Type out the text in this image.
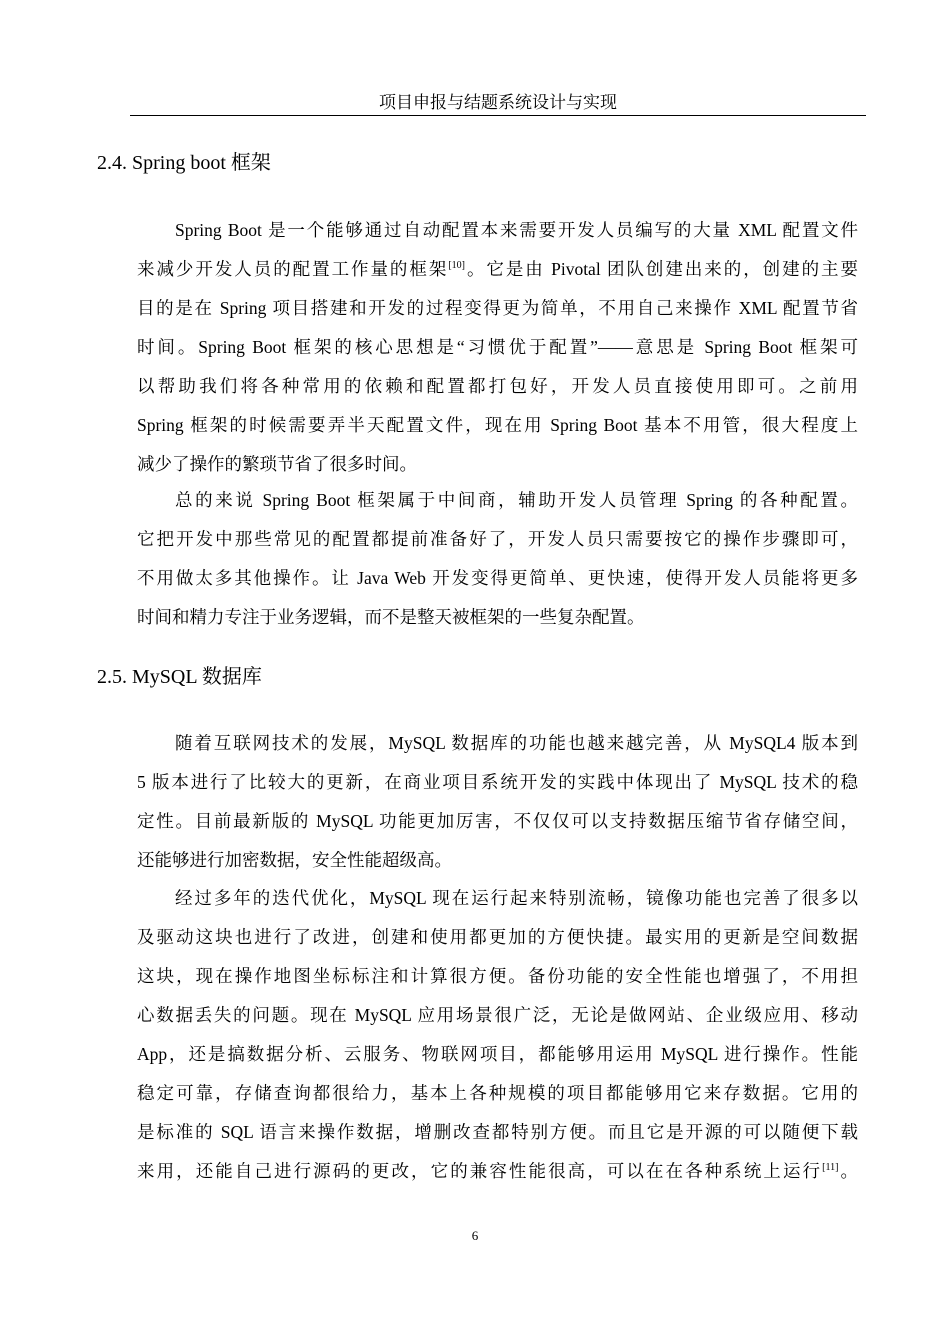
项目申报与结题系统设计与实现
2.4. Spring boot 框架
Spring Boot 是一个能够通过自动配置本来需要开发人员编写的大量 XML 配置文件
来减少开发人员的配置工作量的框架[10]。它是由 Pivotal 团队创建出来的，创建的主要
目的是在 Spring 项目搭建和开发的过程变得更为简单，不用自己来操作 XML 配置节省
时间。Spring Boot 框架的核心思想是“习惯优于配置”——意思是 Spring Boot 框架可
以帮助我们将各种常用的依赖和配置都打包好，开发人员直接使用即可。之前用
Spring 框架的时候需要弄半天配置文件，现在用 Spring Boot 基本不用管，很大程度上
减少了操作的繁琐节省了很多时间。
总的来说 Spring Boot 框架属于中间商，辅助开发人员管理 Spring 的各种配置。
它把开发中那些常见的配置都提前准备好了，开发人员只需要按它的操作步骤即可，
不用做太多其他操作。让 Java Web 开发变得更简单、更快速，使得开发人员能将更多
时间和精力专注于业务逻辑，而不是整天被框架的一些复杂配置。
2.5. MySQL 数据库
随着互联网技术的发展，MySQL 数据库的功能也越来越完善，从 MySQL4 版本到
5 版本进行了比较大的更新，在商业项目系统开发的实践中体现出了 MySQL 技术的稳
定性。目前最新版的 MySQL 功能更加厉害，不仅仅可以支持数据压缩节省存储空间，
还能够进行加密数据，安全性能超级高。
经过多年的迭代优化，MySQL 现在运行起来特别流畅，镜像功能也完善了很多以
及驱动这块也进行了改进，创建和使用都更加的方便快捷。最实用的更新是空间数据
这块，现在操作地图坐标标注和计算很方便。备份功能的安全性能也增强了，不用担
心数据丢失的问题。现在 MySQL 应用场景很广泛，无论是做网站、企业级应用、移动
App，还是搞数据分析、云服务、物联网项目，都能够用运用 MySQL 进行操作。性能
稳定可靠，存储查询都很给力，基本上各种规模的项目都能够用它来存数据。它用的
是标准的 SQL 语言来操作数据，增删改查都特别方便。而且它是开源的可以随便下载
来用，还能自己进行源码的更改，它的兼容性能很高，可以在在各种系统上运行[11]。
6
